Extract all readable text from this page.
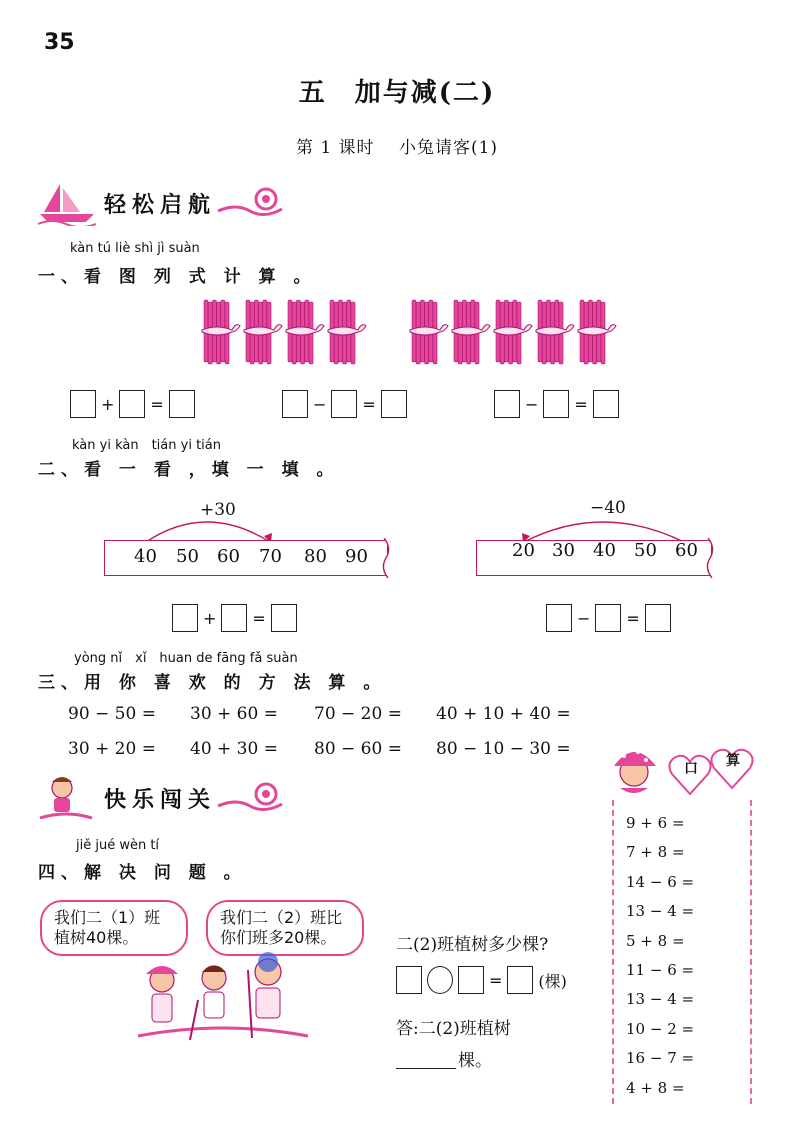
35
五　加与减(二)
第 1 课时　 小兔请客(1)
轻松启航
kàn tú liè shì jì suàn
一、看 图 列 式 计 算 。
+ =	− =	− =
kàn yi kàn　tián yi tián
二、看 一 看 ，填 一 填 。
+30
40 50 60 70 80 90
−40
20 30 40 50 60
+ =	− =
yòng nǐ　xǐ　huan de fāng fǎ suàn
三、用 你 喜 欢 的 方 法 算 。
90 − 50 = 30 + 60 = 70 − 20 = 40 + 10 + 40 =
30 + 20 = 40 + 30 = 80 − 60 = 80 − 10 − 30 =
快乐闯关
jiě jué wèn tí
四、解 决 问 题 。
我们二（1）班植树40棵。
我们二（2）班比你们班多20棵。	二(2)班植树多少棵?
= (棵)
答:二(2)班植树
棵。
口 算
9 + 6 =
7 + 8 =
14 − 6 =
13 − 4 =
5 + 8 =
11 − 6 =
13 − 4 =
10 − 2 =
16 − 7 =
4 + 8 =
